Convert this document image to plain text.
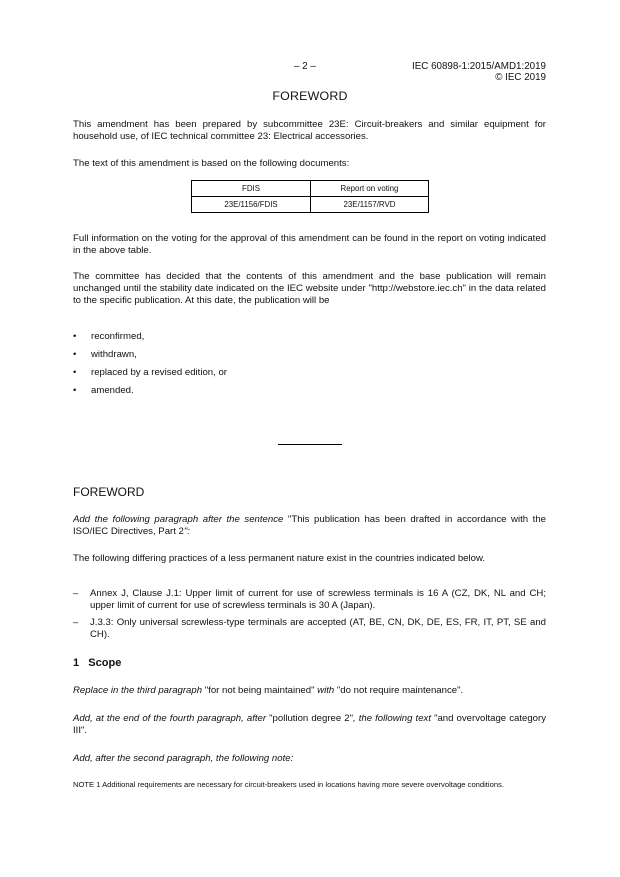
– 2 –	IEC 60898-1:2015/AMD1:2019
© IEC 2019
FOREWORD
This amendment has been prepared by subcommittee 23E: Circuit-breakers and similar equipment for household use, of IEC technical committee 23: Electrical accessories.
The text of this amendment is based on the following documents:
FDIS	Report on voting
23E/1156/FDIS	23E/1157/RVD
Full information on the voting for the approval of this amendment can be found in the report on voting indicated in the above table.
The committee has decided that the contents of this amendment and the base publication will remain unchanged until the stability date indicated on the IEC website under "http://webstore.iec.ch" in the data related to the specific publication. At this date, the publication will be
• reconfirmed,
• withdrawn,
• replaced by a revised edition, or
• amended.
FOREWORD
Add the following paragraph after the sentence "This publication has been drafted in accordance with the ISO/IEC Directives, Part 2":
The following differing practices of a less permanent nature exist in the countries indicated below.
– Annex J, Clause J.1: Upper limit of current for use of screwless terminals is 16 A (CZ, DK, NL and CH; upper limit of current for use of screwless terminals is 30 A (Japan).
– J.3.3: Only universal screwless-type terminals are accepted (AT, BE, CN, DK, DE, ES, FR, IT, PT, SE and CH).
1 Scope
Replace in the third paragraph "for not being maintained" with "do not require maintenance".
Add, at the end of the fourth paragraph, after "pollution degree 2", the following text "and overvoltage category III".
Add, after the second paragraph, the following note:
NOTE 1 Additional requirements are necessary for circuit-breakers used in locations having more severe overvoltage conditions.
